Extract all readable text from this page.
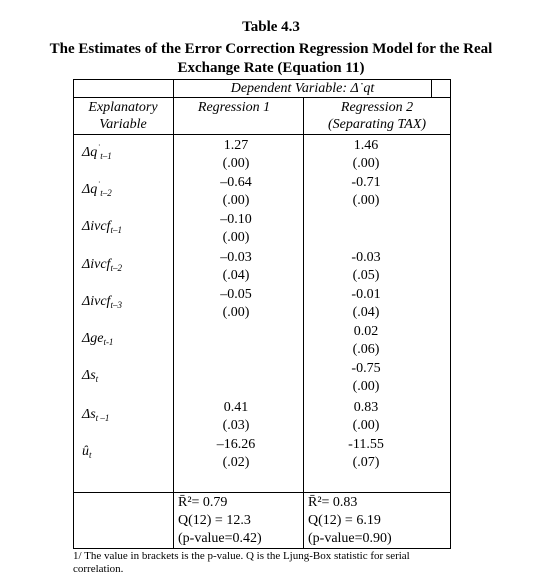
Table 4.3
The Estimates of the Error Correction Regression Model for the Real
Exchange Rate (Equation 11)
Dependent Variable: Δ˙qt
Explanatory
Variable
Regression 1	Regression 2
(Separating TAX)
$\Delta q^˙_{t-1}$
1.27
(.00)
1.46
(.00)
$\Delta q^˙_{t-2}$
–0.64
(.00)
-0.71
(.00)
Δivcf$_{t-1}$
–0.10
(.00)
Δivcf$_{t-2}$
–0.03
(.04)
-0.03
(.05)
Δivcf$_{t-3}$
–0.05
(.00)
-0.01
(.04)
Δge$_{t-1}$
0.02
(.06)
$\Delta s_t$
-0.75
(.00)
$\Delta s_{t -1}$
0.41
(.03)
0.83
(.00)
$û_t$
–16.26
(.02)
-11.55
(.07)
R̄²= 0.79
Q(12) = 12.3
(p-value=0.42)
R̄²= 0.83
Q(12) = 6.19
(p-value=0.90)
1/ The value in brackets is the p-value. Q is the Ljung-Box statistic for serial
correlation.
